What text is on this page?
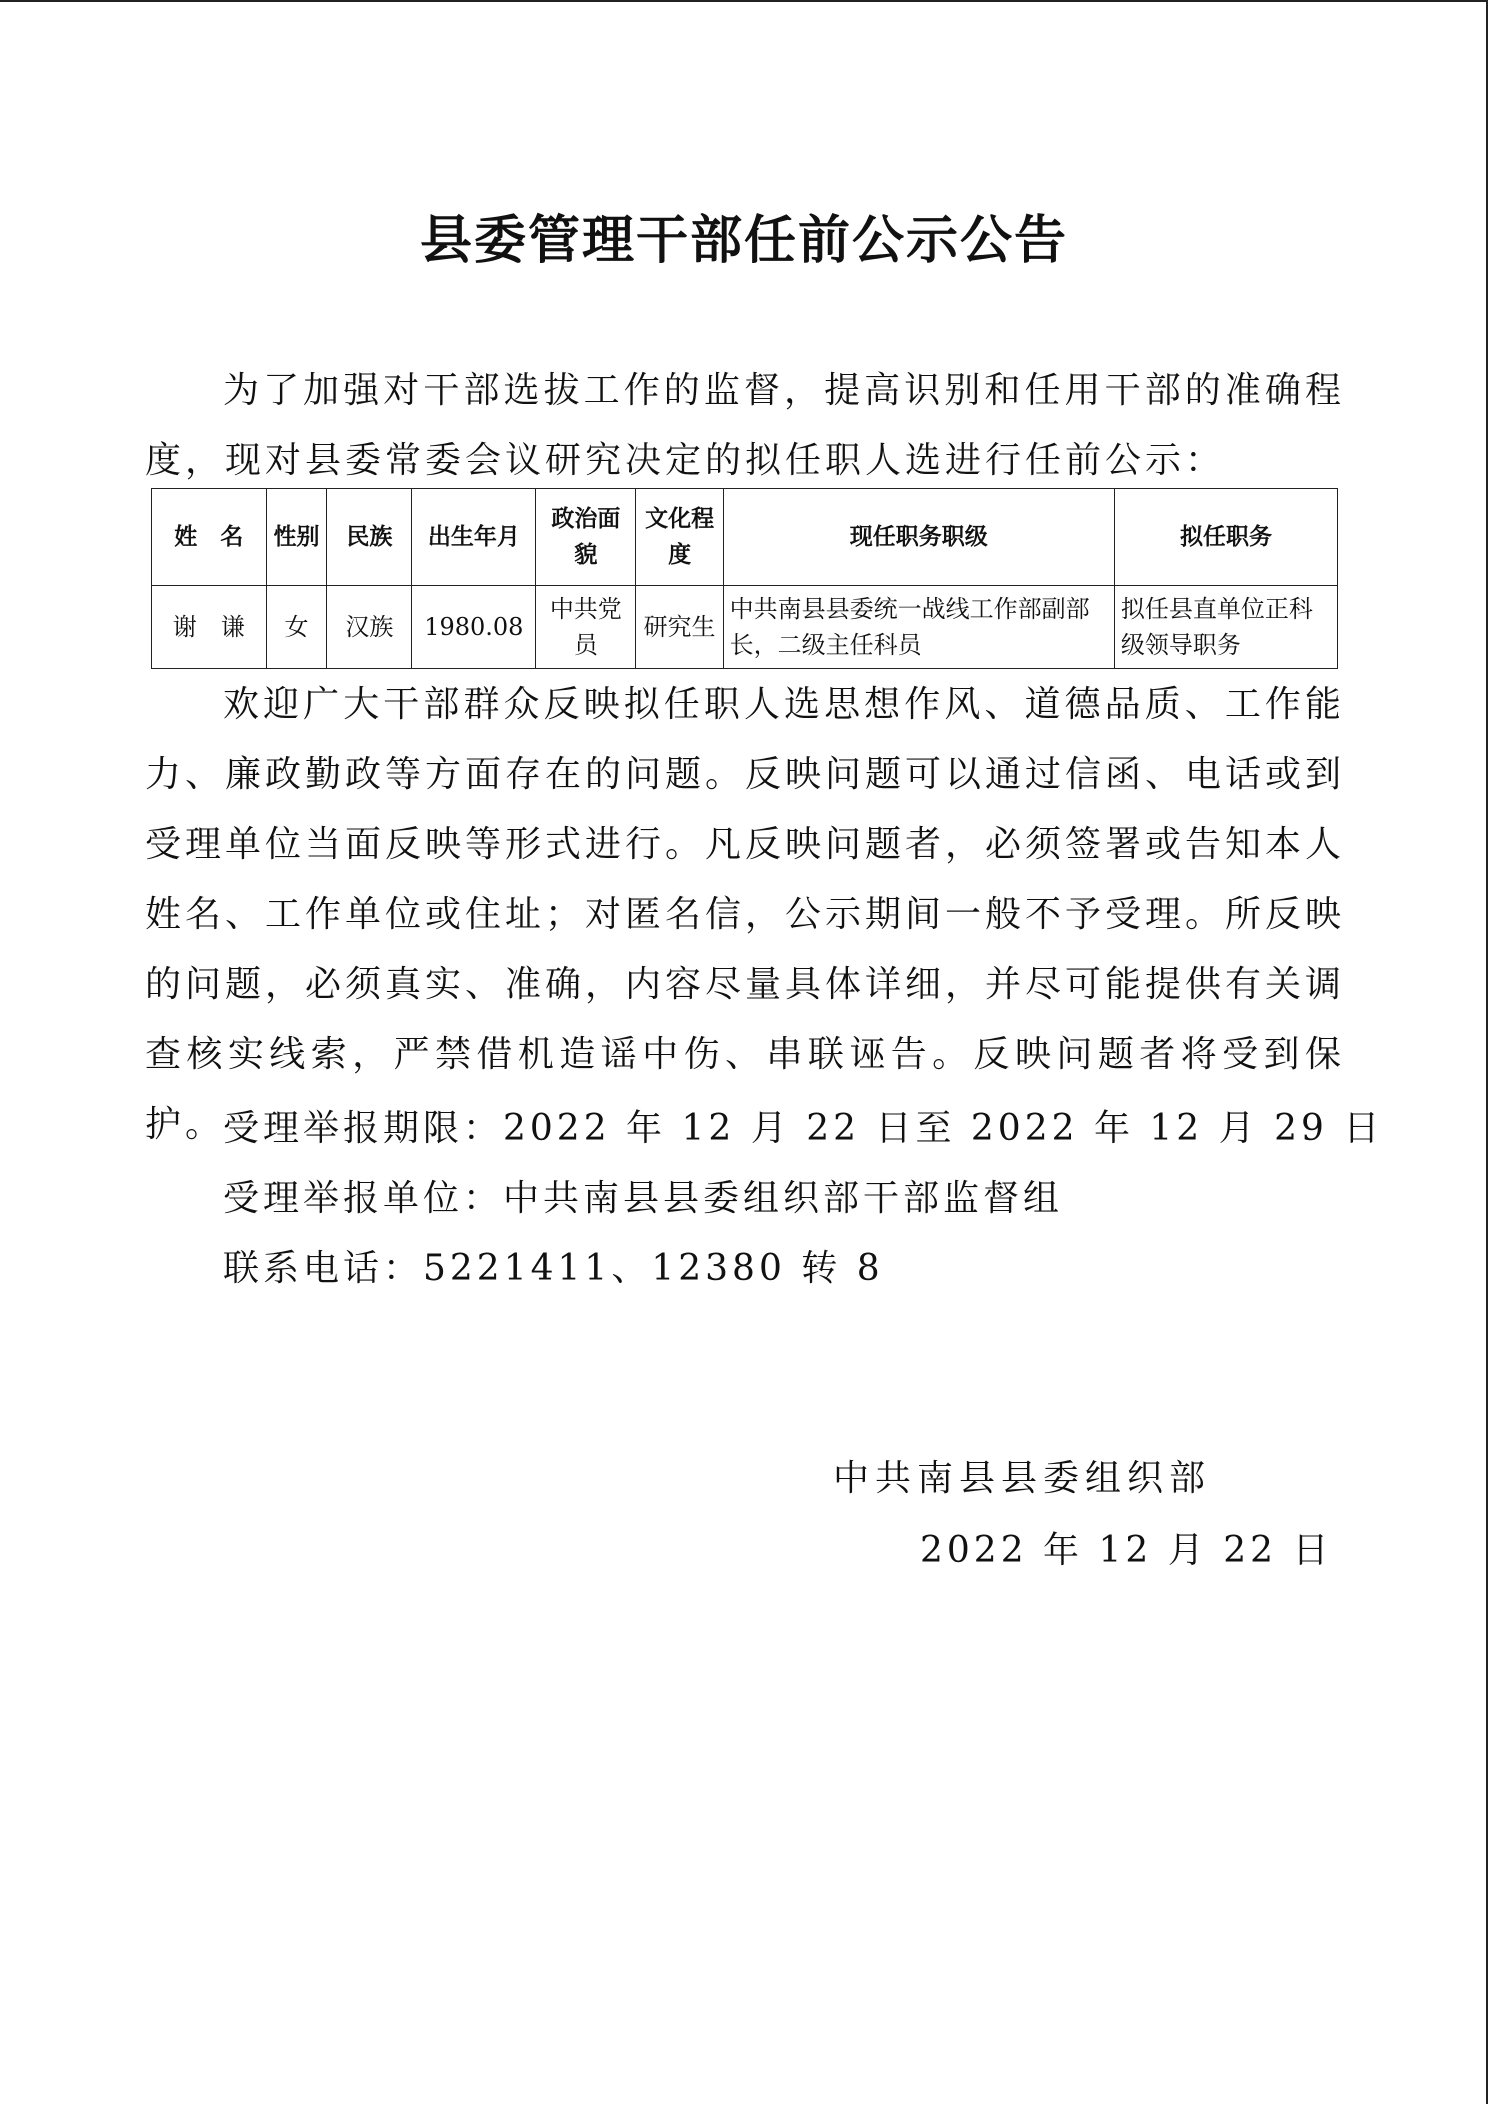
县委管理干部任前公示公告
为了加强对干部选拔工作的监督，提高识别和任用干部的准确程度，现对县委常委会议研究决定的拟任职人选进行任前公示：
姓　名	性别	民族	出生年月	政治面貌	文化程度	现任职务职级	拟任职务
谢　谦	女	汉族	1980.08	中共党员	研究生	中共南县县委统一战线工作部副部长，二级主任科员	拟任县直单位正科级领导职务
欢迎广大干部群众反映拟任职人选思想作风、道德品质、工作能力、廉政勤政等方面存在的问题。反映问题可以通过信函、电话或到受理单位当面反映等形式进行。凡反映问题者，必须签署或告知本人姓名、工作单位或住址；对匿名信，公示期间一般不予受理。所反映的问题，必须真实、准确，内容尽量具体详细，并尽可能提供有关调查核实线索，严禁借机造谣中伤、串联诬告。反映问题者将受到保护。
受理举报期限：2022 年 12 月 22 日至 2022 年 12 月 29 日
受理举报单位：中共南县县委组织部干部监督组
联系电话：5221411、12380 转 8
中共南县县委组织部
2022 年 12 月 22 日
